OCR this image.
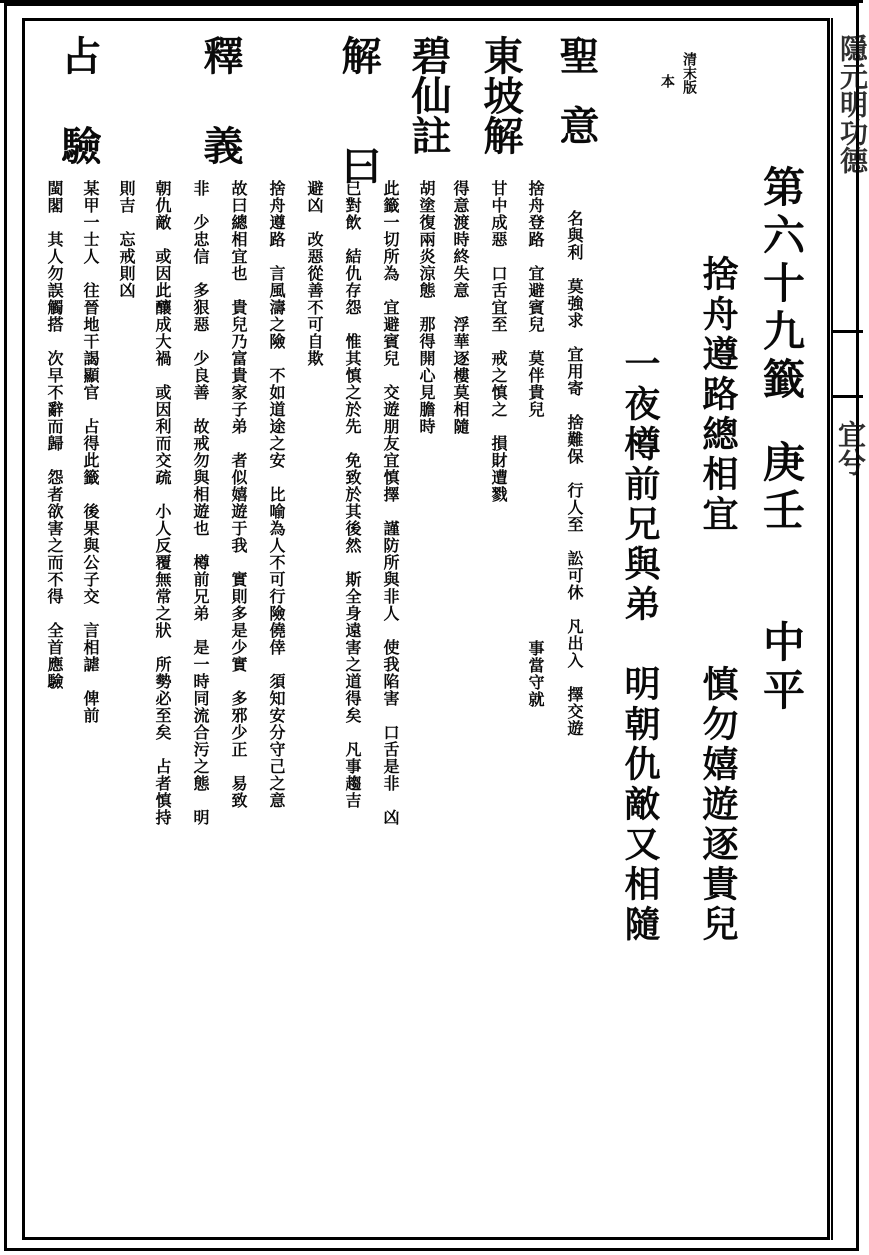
隱元明功德
宜兮
第六十九籤
庚壬
中平
捨舟遵路總相宜
慎勿嬉遊逐貴兒
一夜樽前兄與弟
明朝仇敵又相隨
清末版
本
聖意
東坡解
碧仙註
解曰
釋義
占驗
名與利　莫強求　宜用寄　捨難保　行人至　訟可休　凡出入　擇交遊
事當守就
捨舟登路　宜避賓兒　莫伴貴兒
甘中成惡　口舌宜至　戒之慎之　損財遭戮
得意渡時終失意　浮華逐樓莫相隨
胡塗復兩炎涼態　那得開心見膽時
此籤一切所為　宜避賓兒　交遊朋友宜慎擇　謹防所與非人　使我陷害　口舌是非　凶
已對飲　結仇存怨　惟其慎之於先　免致於其後然　斯全身遠害之道得矣　凡事趨吉
避凶　改惡從善不可自欺
捨舟遵路　言風濤之險　不如道途之安　比喻為人不可行險僥倖　須知安分守己之意
故曰總相宜也　貴兒乃富貴家子弟　者似嬉遊于我　實則多是少實　多邪少正　易致
非　少忠信　多狠惡　少良善　故戒勿與相遊也　樽前兄弟　是一時同流合污之態　明
朝仇敵　或因此釀成大禍　或因利而交疏　小人反覆無常之狀　所勢必至矣　占者慎持
則吉　忘戒則凶
某甲一士人　往晉地干謁顯官　占得此籤　後果與公子交　言相謔　俾前
閩閣　其人勿誤觸搭　次早不辭而歸　怨者欲害之而不得　全首應驗
